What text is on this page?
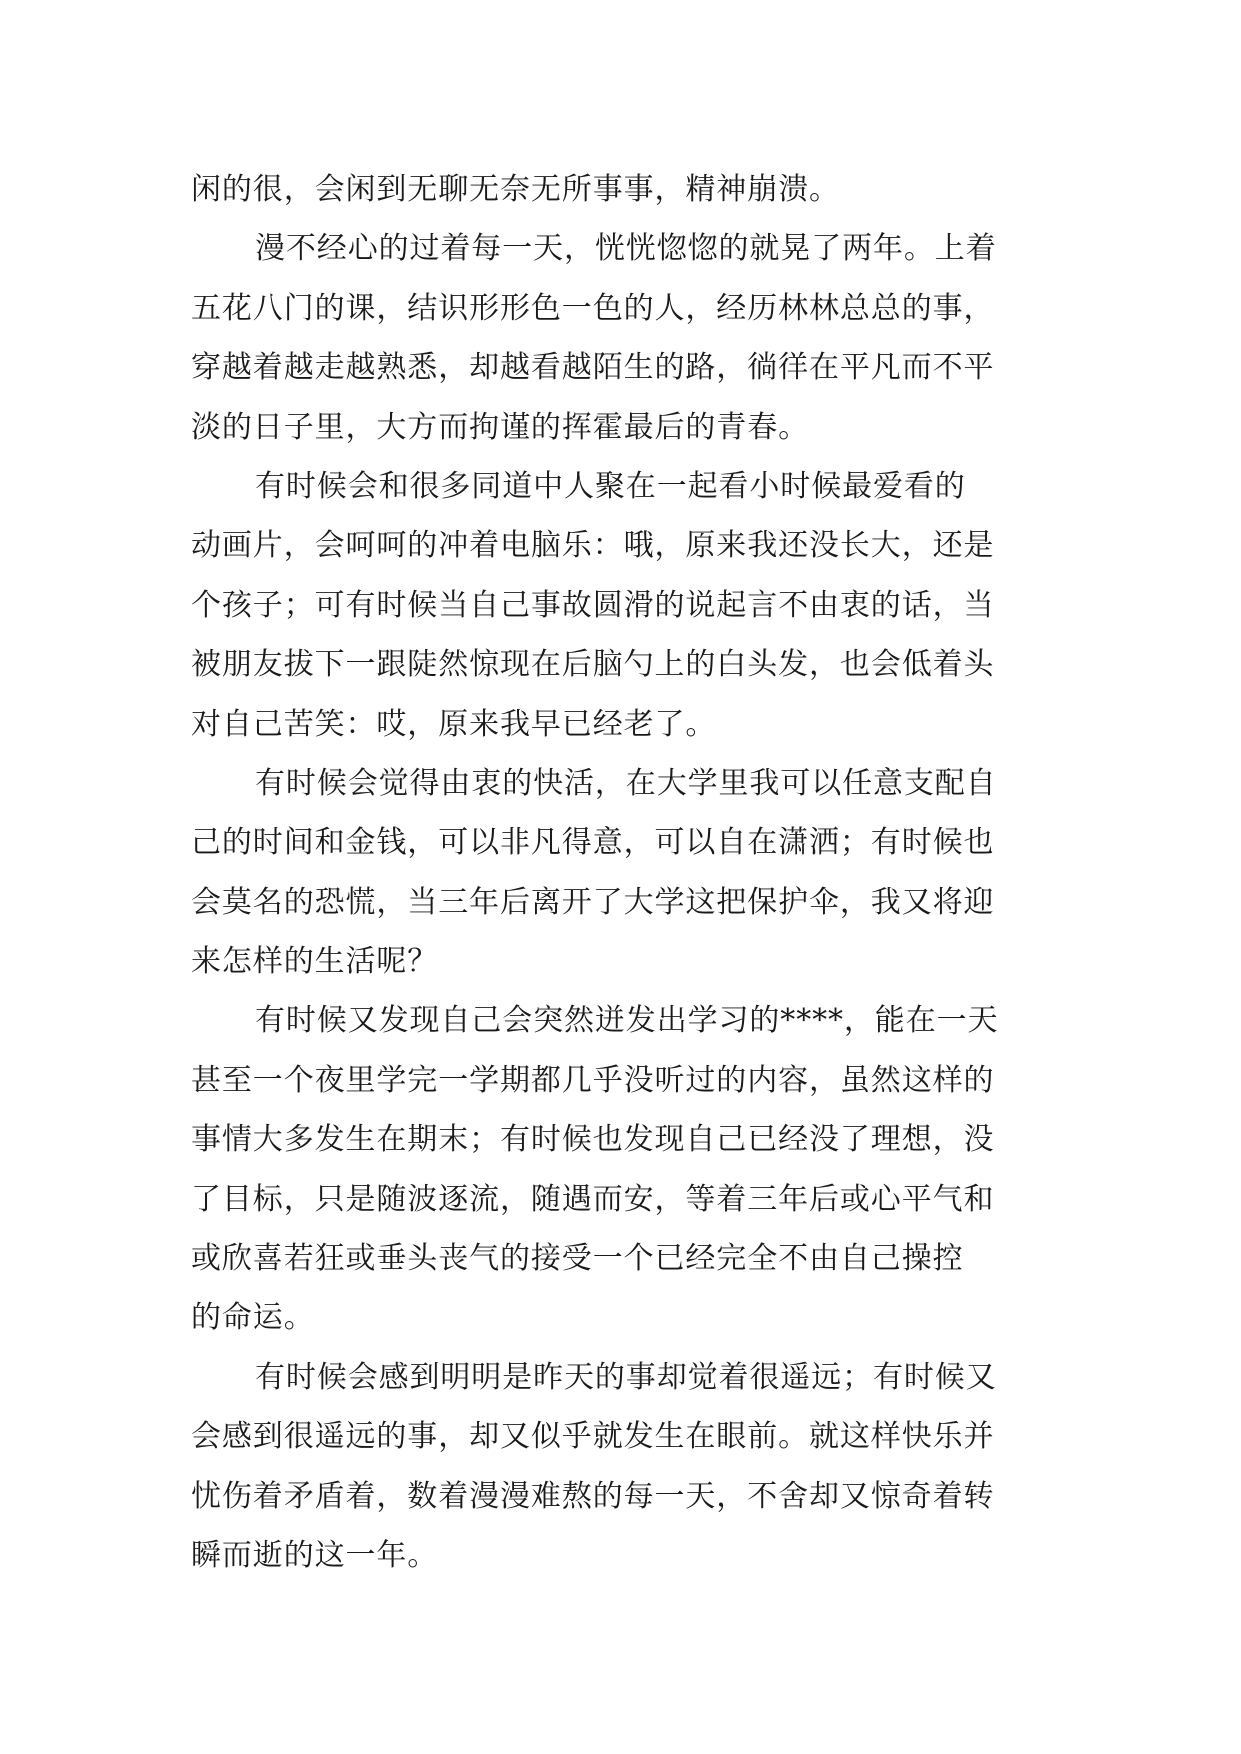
闲的很，会闲到无聊无奈无所事事，精神崩溃。
漫不经心的过着每一天，恍恍惚惚的就晃了两年。上着
五花八门的课，结识形形色一色的人，经历林林总总的事，
穿越着越走越熟悉，却越看越陌生的路，徜徉在平凡而不平
淡的日子里，大方而拘谨的挥霍最后的青春。
有时候会和很多同道中人聚在一起看小时候最爱看的
动画片，会呵呵的冲着电脑乐：哦，原来我还没长大，还是
个孩子；可有时候当自己事故圆滑的说起言不由衷的话，当
被朋友拔下一跟陡然惊现在后脑勺上的白头发，也会低着头
对自己苦笑：哎，原来我早已经老了。
有时候会觉得由衷的快活，在大学里我可以任意支配自
己的时间和金钱，可以非凡得意，可以自在潇洒；有时候也
会莫名的恐慌，当三年后离开了大学这把保护伞，我又将迎
来怎样的生活呢？
有时候又发现自己会突然迸发出学习的****，能在一天
甚至一个夜里学完一学期都几乎没听过的内容，虽然这样的
事情大多发生在期末；有时候也发现自己已经没了理想，没
了目标，只是随波逐流，随遇而安，等着三年后或心平气和
或欣喜若狂或垂头丧气的接受一个已经完全不由自己操控
的命运。
有时候会感到明明是昨天的事却觉着很遥远；有时候又
会感到很遥远的事，却又似乎就发生在眼前。就这样快乐并
忧伤着矛盾着，数着漫漫难熬的每一天，不舍却又惊奇着转
瞬而逝的这一年。
